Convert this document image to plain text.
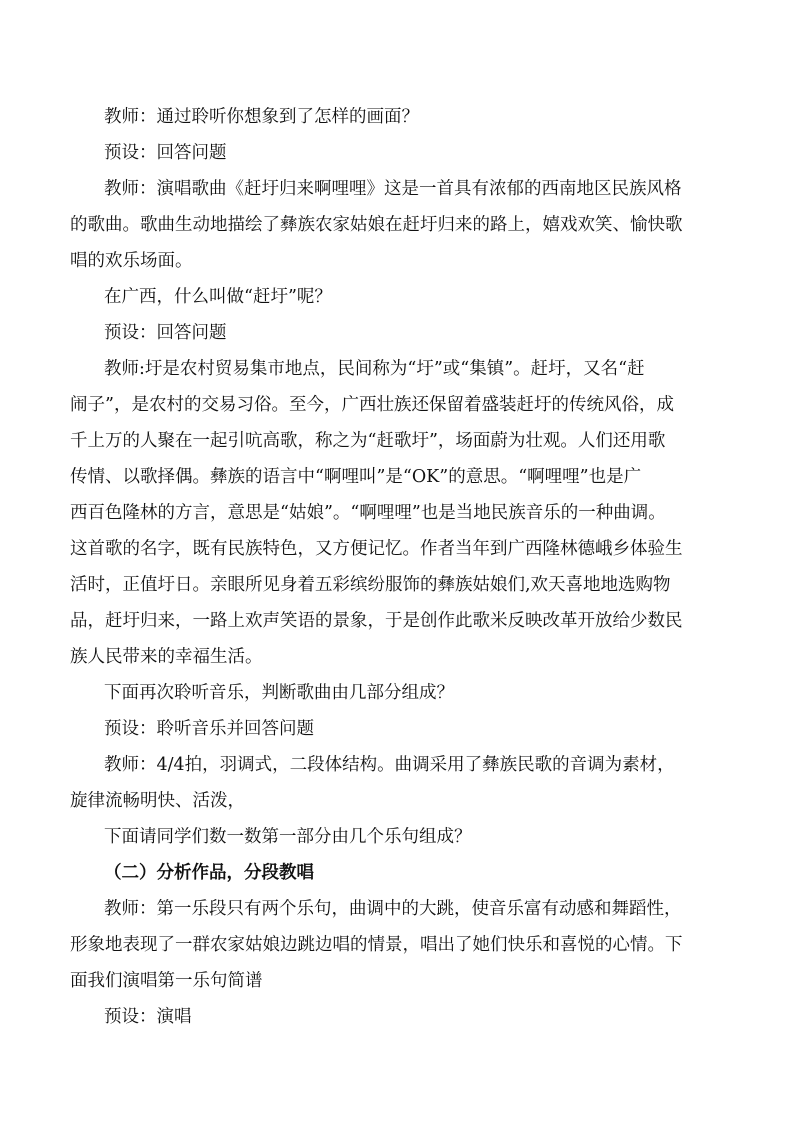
教师：通过聆听你想象到了怎样的画面？

预设：回答问题

教师：演唱歌曲《赶圩归来啊哩哩》这是一首具有浓郁的西南地区民族风格

的歌曲。歌曲生动地描绘了彝族农家姑娘在赶圩归来的路上，嬉戏欢笑、愉快歌

唱的欢乐场面。

在广西，什么叫做“赶圩”呢？

预设：回答问题

教师:圩是农村贸易集市地点，民间称为“圩”或“集镇”。赶圩，又名“赶

闹子”，是农村的交易习俗。至今，广西壮族还保留着盛装赶圩的传统风俗，成

千上万的人聚在一起引吭高歌，称之为“赶歌圩”，场面蔚为壮观。人们还用歌

传情、以歌择偶。彝族的语言中“啊哩叫”是“OK”的意思。“啊哩哩”也是广

西百色隆林的方言，意思是“姑娘”。“啊哩哩”也是当地民族音乐的一种曲调。

这首歌的名字，既有民族特色，又方便记忆。作者当年到广西隆林德峨乡体验生

活时，正值圩日。亲眼所见身着五彩缤纷服饰的彝族姑娘们,欢天喜地地选购物

品，赶圩归来，一路上欢声笑语的景象，于是创作此歌米反映改革开放给少数民

族人民带来的幸福生活。

下面再次聆听音乐，判断歌曲由几部分组成？

预设：聆听音乐并回答问题

教师：4/4拍，羽调式，二段体结构。曲调采用了彝族民歌的音调为素材，

旋律流畅明快、活泼，

下面请同学们数一数第一部分由几个乐句组成？

（二）分析作品，分段教唱

教师：第一乐段只有两个乐句，曲调中的大跳，使音乐富有动感和舞蹈性，

形象地表现了一群农家姑娘边跳边唱的情景，唱出了她们快乐和喜悦的心情。下

面我们演唱第一乐句简谱

预设：演唱
